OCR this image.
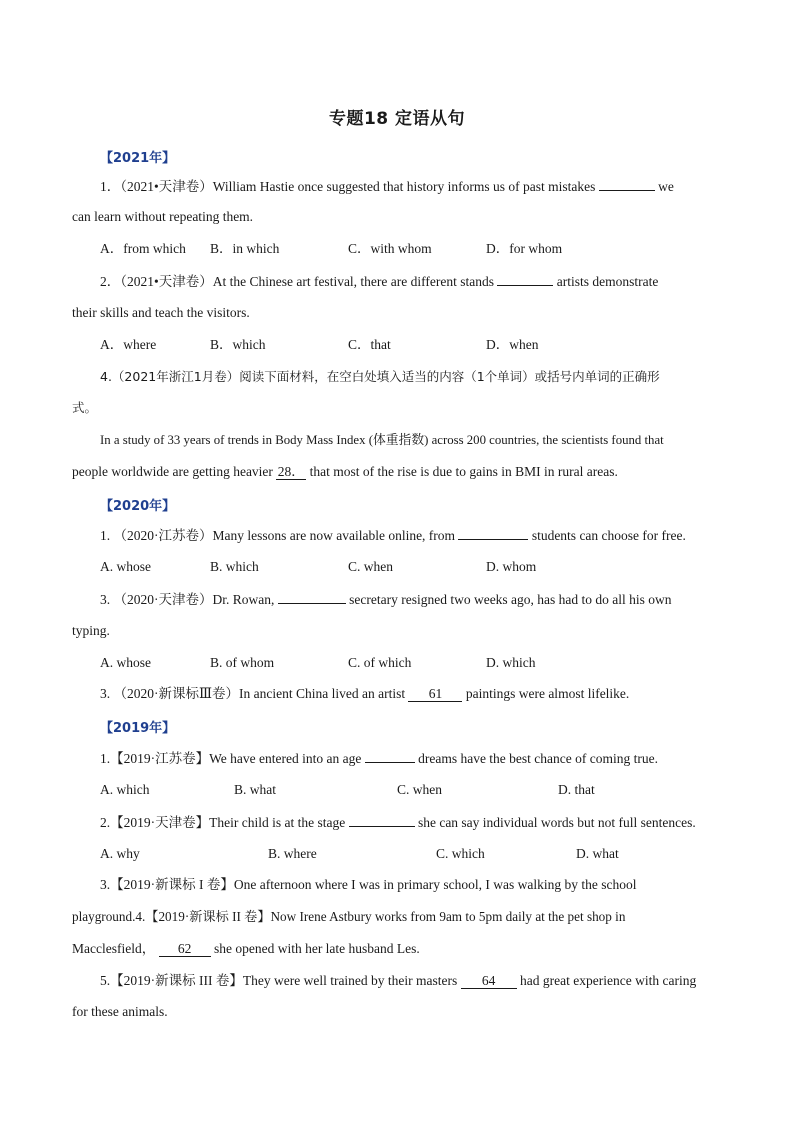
专题18 定语从句
【2021年】
1．（2021•天津卷）William Hastie once suggested that history informs us of past mistakes	we
can learn without repeating them.
A．from which B．in which	C．with whom	D．for whom
2．（2021•天津卷）At the Chinese art festival, there are different stands	artists demonstrate
their skills and teach the visitors.
A．where	B．which	C．that	D．when
4.（2021年浙江1月卷）阅读下面材料，在空白处填入适当的内容（1个单词）或括号内单词的正确形
式。
In a study of 33 years of trends in Body Mass Index (体重指数) across 200 countries, the scientists found that
people worldwide are getting heavier 28． that most of the rise is due to gains in BMI in rural areas.
【2020年】
1. （2020·江苏卷）Many lessons are now available online, from	students can choose for free.
A. whose	B. which	C. when	D. whom
3. （2020·天津卷）Dr. Rowan,	secretary resigned two weeks ago, has had to do all his own
typing.
A. whose	B. of whom	C. of which	D. which
3. （2020·新课标Ⅲ卷）In ancient China lived an artist 61 paintings were almost lifelike.
【2019年】
1.【2019·江苏卷】We have entered into an age	dreams have the best chance of coming true.
A. which	B. what	C. when	D. that
2.【2019·天津卷】Their child is at the stage	she can say individual words but not full sentences.
A. why	B. where	C. which	D. what
3.【2019·新课标 I 卷】One afternoon where I was in primary school, I was walking by the school
playground.4.【2019·新课标 II 卷】Now Irene Astbury works from 9am to 5pm daily at the pet shop in
Macclesfield， 62 she opened with her late husband Les.
5.【2019·新课标 III 卷】They were well trained by their masters 64 had great experience with caring
for these animals.
